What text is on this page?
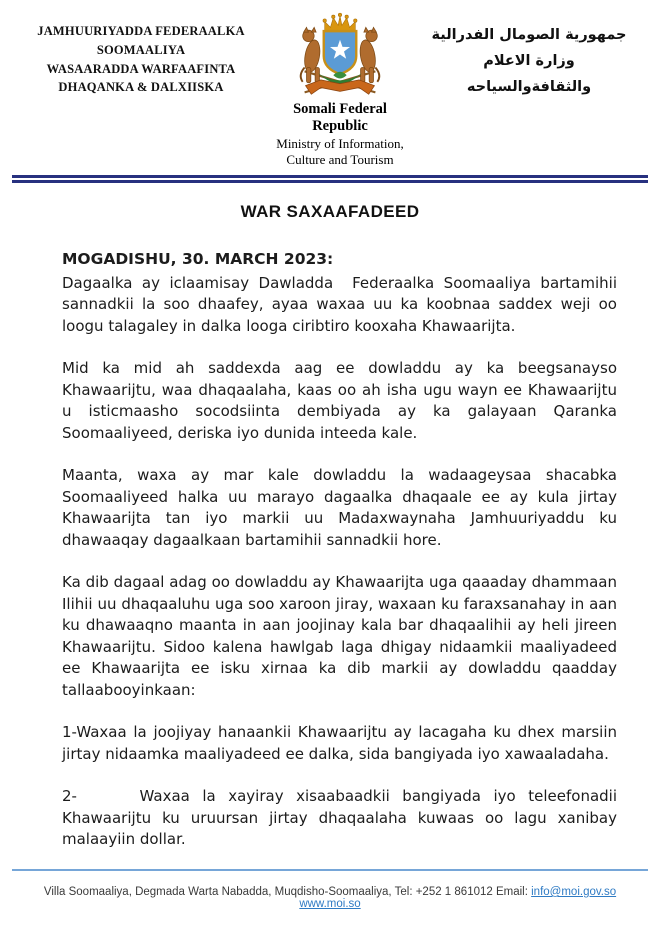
JAMHUURIYADDA FEDERAALKA
SOOMAALIYA
WASAARADDA WARFAAFINTA
DHAQANKA & DALXIISKA
Somali Federal Republic
Ministry of Information, Culture and Tourism
جمهورية الصومال الفدرالية
وزارة الاعلام
والثقافةوالسياحه
WAR SAXAAFADEED

MOGADISHU, 30. MARCH 2023:

Dagaalka ay iclaamisay Dawladda  Federaalka Soomaaliya bartamihii sannadkii la soo dhaafey, ayaa waxaa uu ka koobnaa saddex weji oo loogu talagaley in dalka looga ciribtiro kooxaha Khawaarijta.

Mid ka mid ah saddexda aag ee dowladdu ay ka beegsanayso Khawaarijtu, waa dhaqaalaha, kaas oo ah isha ugu wayn ee Khawaarijtu u isticmaasho socodsiinta dembiyada ay ka galayaan Qaranka Soomaaliyeed, deriska iyo dunida inteeda kale.

Maanta, waxa ay mar kale dowladdu la wadaageysaa shacabka Soomaaliyeed halka uu marayo dagaalka dhaqaale ee ay kula jirtay Khawaarijta tan iyo markii uu Madaxwaynaha Jamhuuriyaddu ku dhawaaqay dagaalkaan bartamihii sannadkii hore.

Ka dib dagaal adag oo dowladdu ay Khawaarijta uga qaaaday dhammaan Ilihii uu dhaqaaluhu uga soo xaroon jiray, waxaan ku faraxsanahay in aan ku dhawaaqno maanta in aan joojinay kala bar dhaqaalihii ay heli jireen Khawaarijtu. Sidoo kalena hawlgab laga dhigay nidaamkii maaliyadeed ee Khawaarijta ee isku xirnaa ka dib markii ay dowladdu qaadday tallaabooyinkaan:

1-Waxaa la joojiyay hanaankii Khawaarijtu ay lacagaha ku dhex marsiin jirtay nidaamka maaliyadeed ee dalka, sida bangiyada iyo xawaaladaha.

2-     Waxaa la xayiray xisaabaadkii bangiyada iyo teleefonadii Khawaarijtu ku uruursan jirtay dhaqaalaha kuwaas oo lagu xanibay malaayiin dollar.

Villa Soomaaliya, Degmada Warta Nabadda, Muqdisho-Soomaaliya, Tel: +252 1 861012 Email: info@moi.gov.so www.moi.so
